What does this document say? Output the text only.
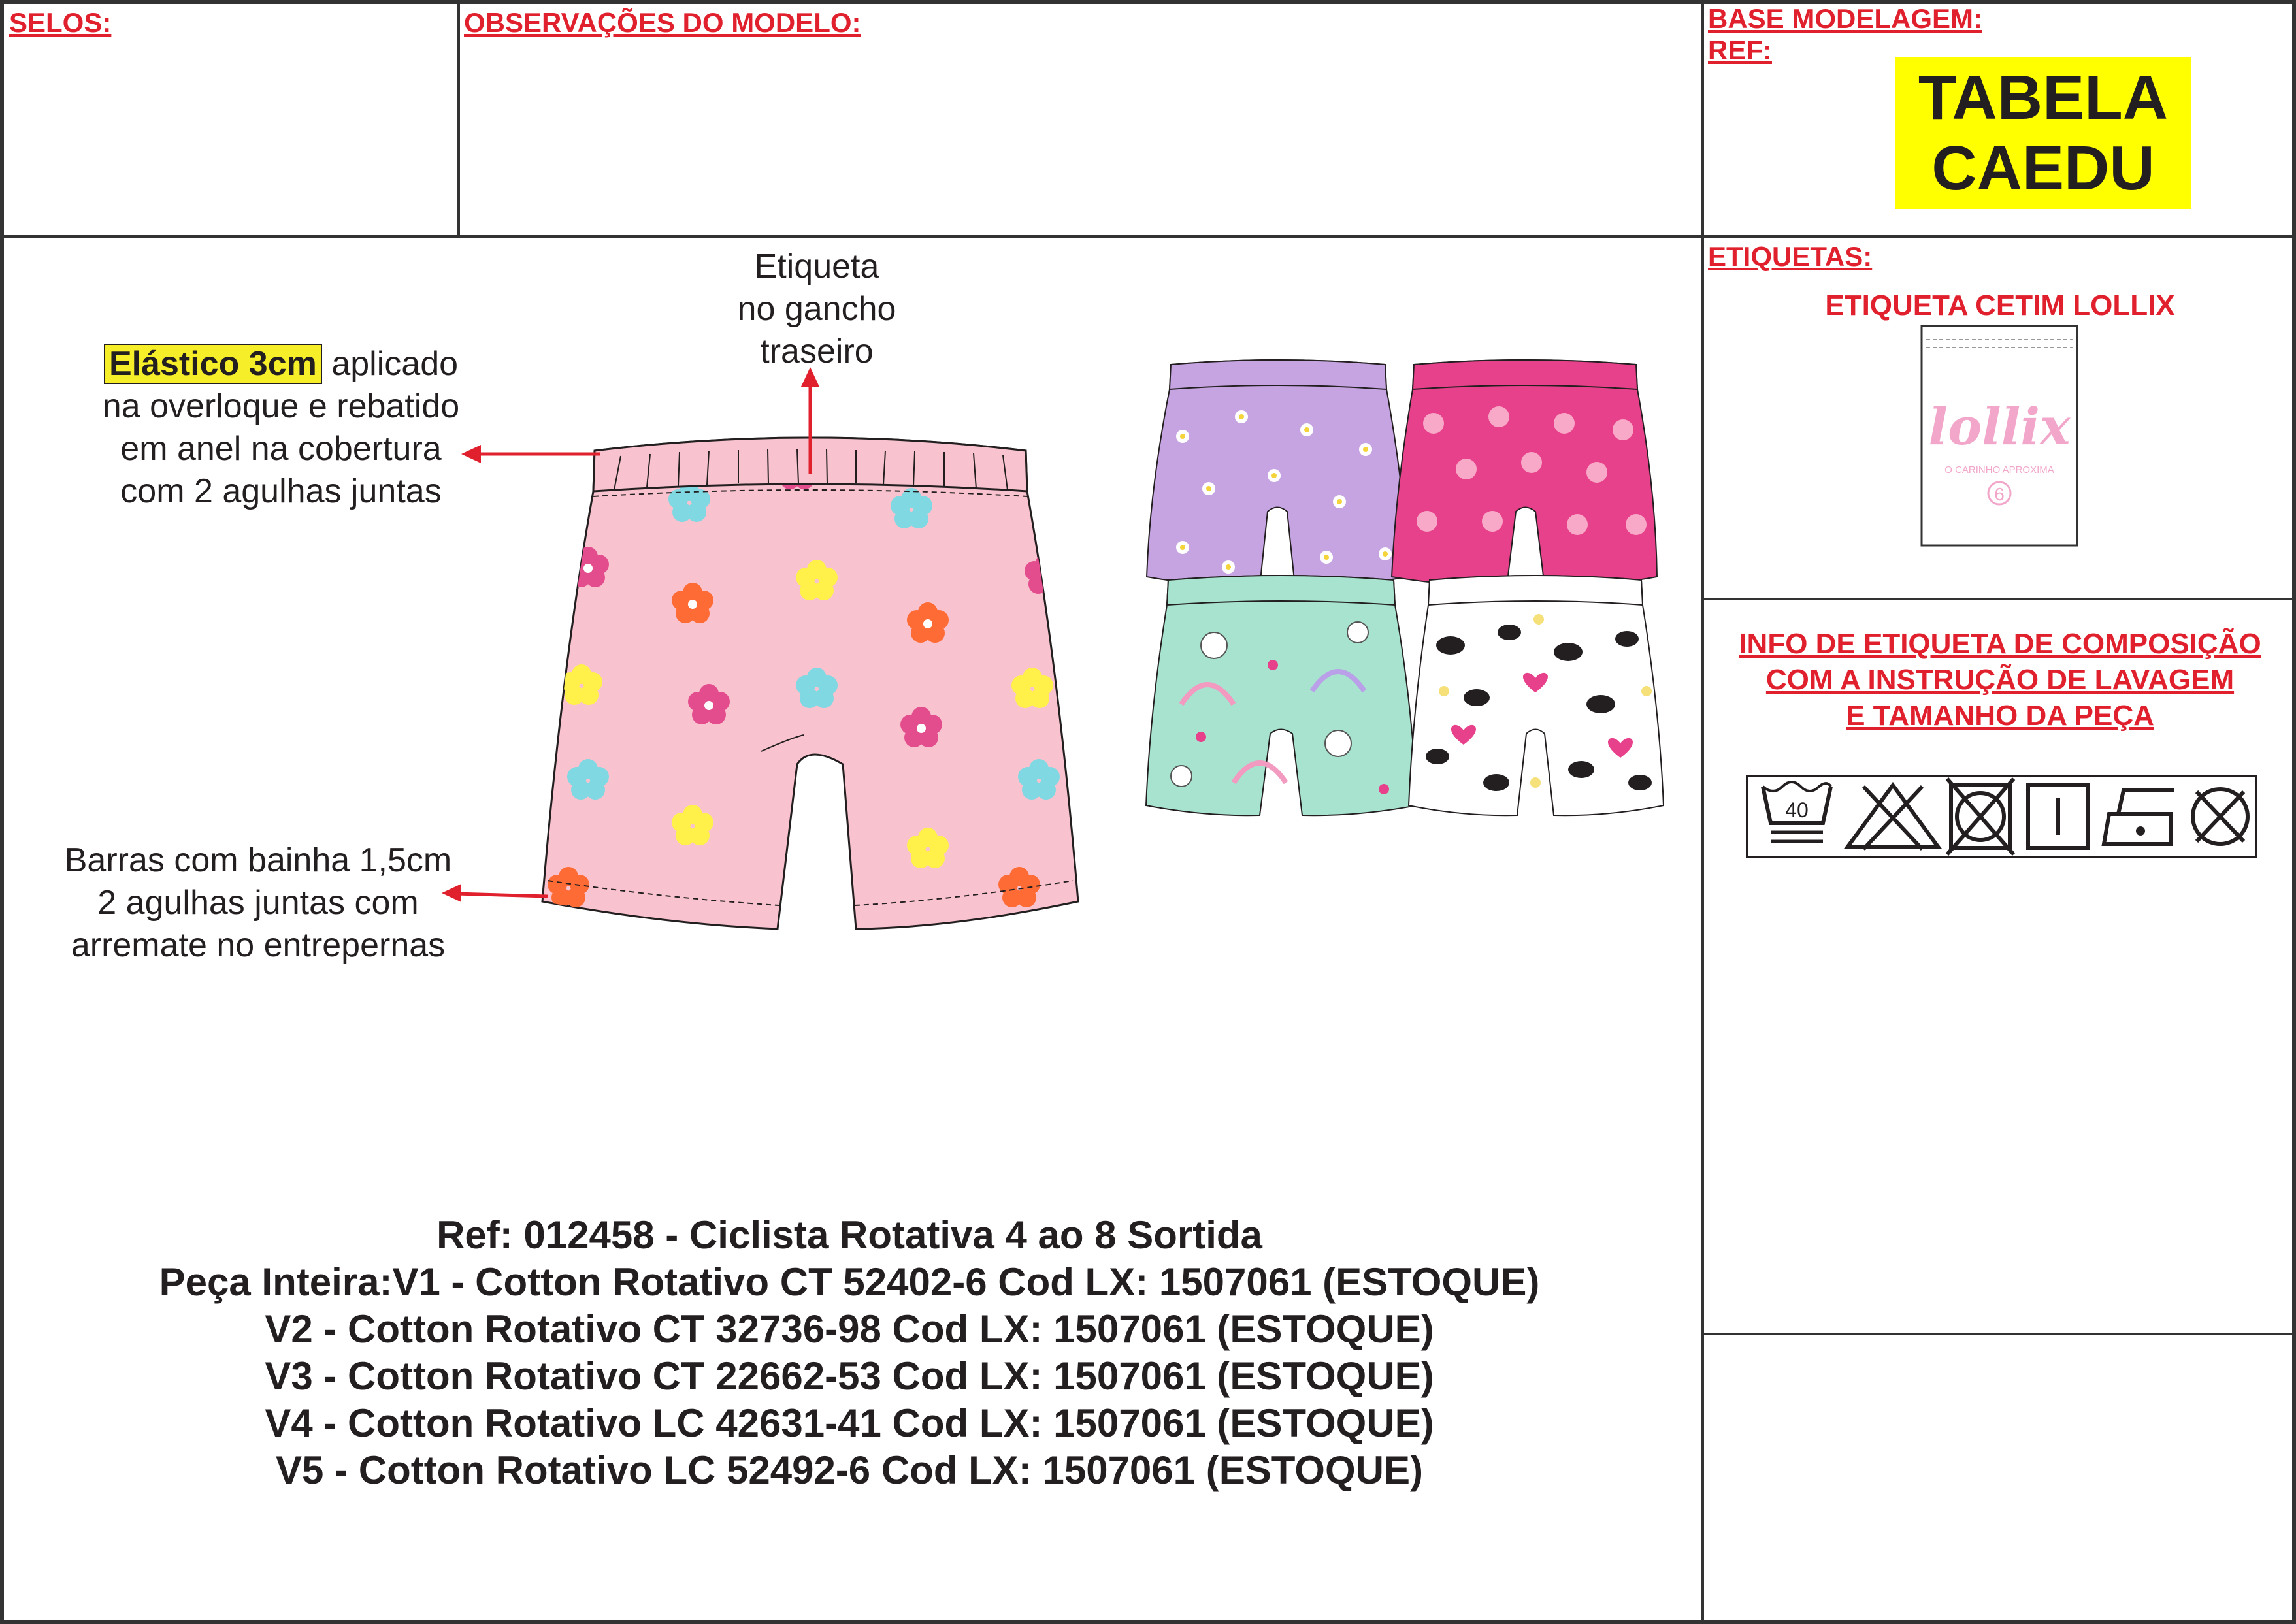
SELOS:	OBSERVAÇÕES DO MODELO:	BASE MODELAGEM:
REF:
TABELA
CAEDU
ETIQUETAS:
ETIQUETA CETIM LOLLIX
lollix
O CARINHO APROXIMA
6
INFO DE ETIQUETA DE COMPOSIÇÃO
COM A INSTRUÇÃO DE LAVAGEM
E TAMANHO DA PEÇA
40
Etiqueta
no gancho
traseiro
Elástico 3cm aplicado
na overloque e rebatido
em anel na cobertura
com 2 agulhas juntas
Barras com bainha 1,5cm
2 agulhas juntas com
arremate no entrepernas
Ref: 012458 - Ciclista Rotativa 4 ao 8 Sortida
Peça Inteira:V1 - Cotton Rotativo CT 52402-6 Cod LX: 1507061 (ESTOQUE)
V2 - Cotton Rotativo CT 32736-98 Cod LX: 1507061 (ESTOQUE)
V3 - Cotton Rotativo CT 22662-53 Cod LX: 1507061 (ESTOQUE)
V4 - Cotton Rotativo LC 42631-41 Cod LX: 1507061 (ESTOQUE)
V5 - Cotton Rotativo LC 52492-6 Cod LX: 1507061 (ESTOQUE)
